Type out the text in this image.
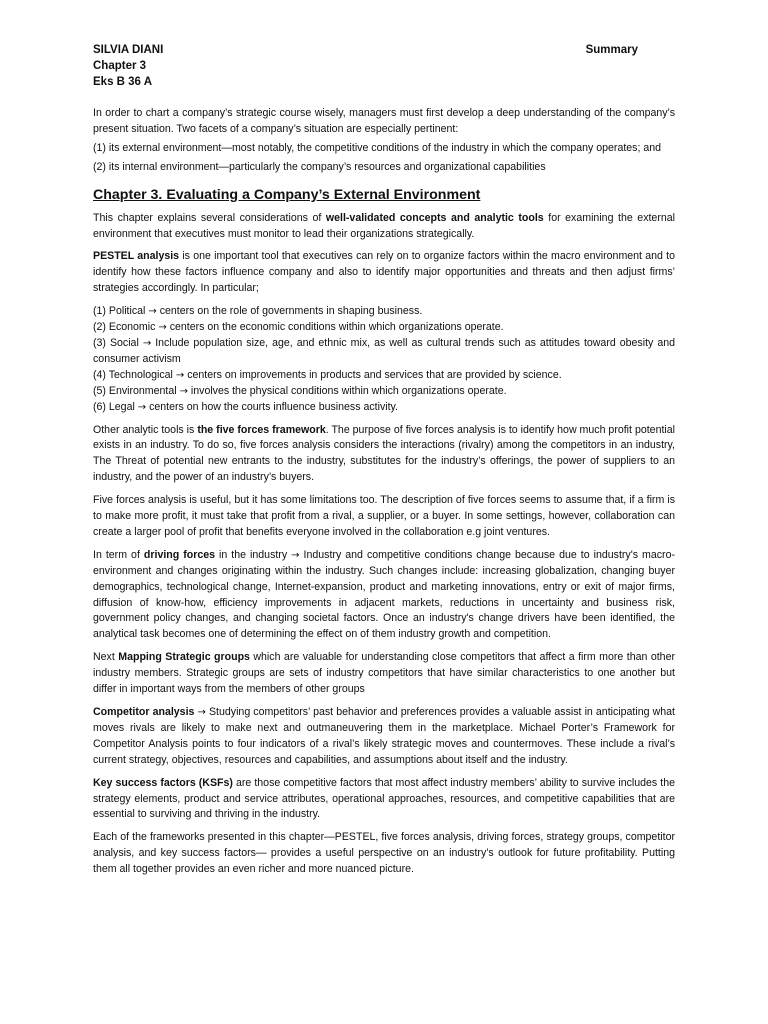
SILVIA DIANI
Chapter 3
Eks B 36 A
Summary

In order to chart a company’s strategic course wisely, managers must first develop a deep understanding of the company’s present situation. Two facets of a company’s situation are especially pertinent:

(1) its external environment—most notably, the competitive conditions of the industry in which the company operates; and

(2) its internal environment—particularly the company’s resources and organizational capabilities

Chapter 3. Evaluating a Company’s External Environment

This chapter explains several considerations of well-validated concepts and analytic tools for examining the external environment that executives must monitor to lead their organizations strategically.

PESTEL analysis is one important tool that executives can rely on to organize factors within the macro environment and to identify how these factors influence company and also to identify major opportunities and threats and then adjust firms’ strategies accordingly. In particular;

(1) Political → centers on the role of governments in shaping business.
(2) Economic → centers on the economic conditions within which organizations operate.
(3) Social → Include population size, age, and ethnic mix, as well as cultural trends such as attitudes toward obesity and consumer activism
(4) Technological → centers on improvements in products and services that are provided by science.
(5) Environmental → involves the physical conditions within which organizations operate.
(6) Legal → centers on how the courts influence business activity.

Other analytic tools is the five forces framework. The purpose of five forces analysis is to identify how much profit potential exists in an industry. To do so, five forces analysis considers the interactions (rivalry) among the competitors in an industry, The Threat of potential new entrants to the industry, substitutes for the industry’s offerings, the power of suppliers to an industry, and the power of an industry’s buyers.

Five forces analysis is useful, but it has some limitations too. The description of five forces seems to assume that, if a firm is to make more profit, it must take that profit from a rival, a supplier, or a buyer. In some settings, however, collaboration can create a larger pool of profit that benefits everyone involved in the collaboration e.g joint ventures.

In term of driving forces in the industry → Industry and competitive conditions change because due to industry's macro-environment and changes originating within the industry. Such changes include: increasing globalization, changing buyer demographics, technological change, Internet-expansion, product and marketing innovations, entry or exit of major firms, diffusion of know-how, efficiency improvements in adjacent markets, reductions in uncertainty and business risk, government policy changes, and changing societal factors. Once an industry's change drivers have been identified, the analytical task becomes one of determining the effect on of them industry growth and competition.

Next Mapping Strategic groups which are valuable for understanding close competitors that affect a firm more than other industry members. Strategic groups are sets of industry competitors that have similar characteristics to one another but differ in important ways from the members of other groups

Competitor analysis → Studying competitors’ past behavior and preferences provides a valuable assist in anticipating what moves rivals are likely to make next and outmaneuvering them in the marketplace. Michael Porter’s Framework for Competitor Analysis points to four indicators of a rival’s likely strategic moves and countermoves. These include a rival’s current strategy, objectives, resources and capabilities, and assumptions about itself and the industry.

Key success factors (KSFs) are those competitive factors that most affect industry members’ ability to survive includes the strategy elements, product and service attributes, operational approaches, resources, and competitive capabilities that are essential to surviving and thriving in the industry.

Each of the frameworks presented in this chapter—PESTEL, five forces analysis, driving forces, strategy groups, competitor analysis, and key success factors— provides a useful perspective on an industry’s outlook for future profitability. Putting them all together provides an even richer and more nuanced picture.
